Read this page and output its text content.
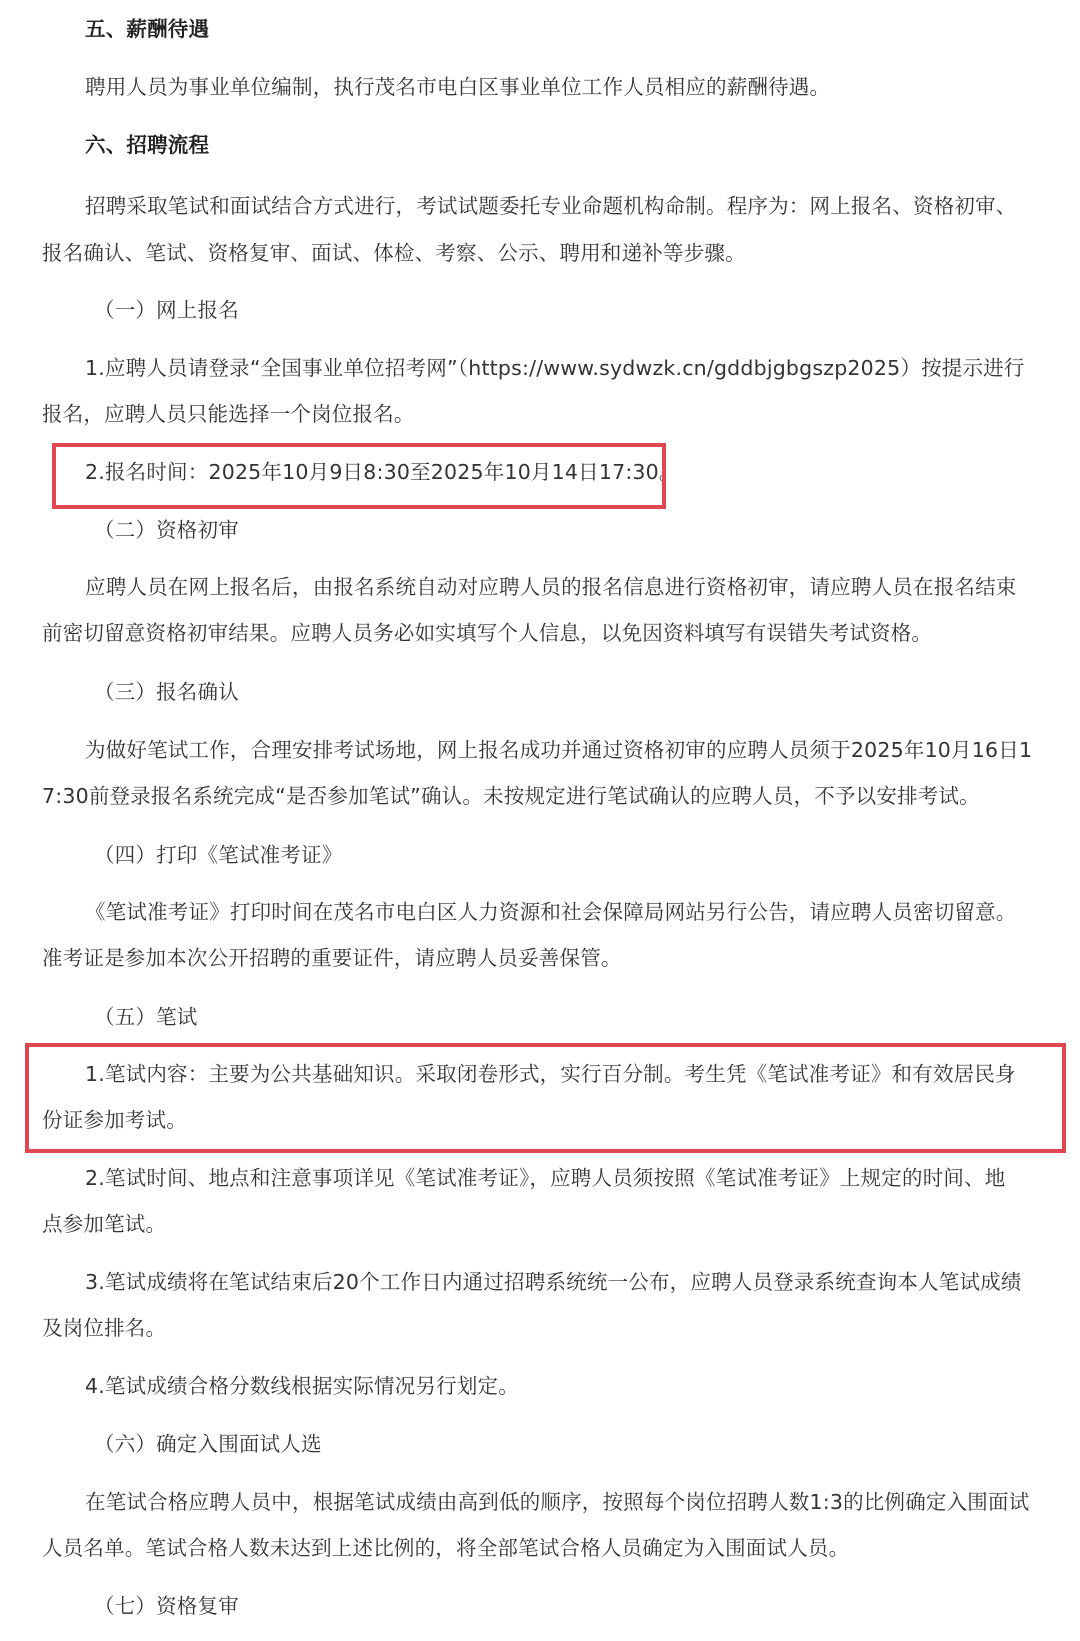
五、薪酬待遇
聘用人员为事业单位编制，执行茂名市电白区事业单位工作人员相应的薪酬待遇。
六、招聘流程
招聘采取笔试和面试结合方式进行，考试试题委托专业命题机构命制。程序为：网上报名、资格初审、
报名确认、笔试、资格复审、面试、体检、考察、公示、聘用和递补等步骤。
（一）网上报名
1.应聘人员请登录“全国事业单位招考网”（https://www.sydwzk.cn/gddbjgbgszp2025）按提示进行
报名，应聘人员只能选择一个岗位报名。
2.报名时间：2025年10月9日8:30至2025年10月14日17:30。
（二）资格初审
应聘人员在网上报名后，由报名系统自动对应聘人员的报名信息进行资格初审，请应聘人员在报名结束
前密切留意资格初审结果。应聘人员务必如实填写个人信息，以免因资料填写有误错失考试资格。
（三）报名确认
为做好笔试工作，合理安排考试场地，网上报名成功并通过资格初审的应聘人员须于2025年10月16日1
7:30前登录报名系统完成“是否参加笔试”确认。未按规定进行笔试确认的应聘人员，不予以安排考试。
（四）打印《笔试准考证》
《笔试准考证》打印时间在茂名市电白区人力资源和社会保障局网站另行公告，请应聘人员密切留意。
准考证是参加本次公开招聘的重要证件，请应聘人员妥善保管。
（五）笔试
1.笔试内容：主要为公共基础知识。采取闭卷形式，实行百分制。考生凭《笔试准考证》和有效居民身
份证参加考试。
2.笔试时间、地点和注意事项详见《笔试准考证》，应聘人员须按照《笔试准考证》上规定的时间、地
点参加笔试。
3.笔试成绩将在笔试结束后20个工作日内通过招聘系统统一公布，应聘人员登录系统查询本人笔试成绩
及岗位排名。
4.笔试成绩合格分数线根据实际情况另行划定。
（六）确定入围面试人选
在笔试合格应聘人员中，根据笔试成绩由高到低的顺序，按照每个岗位招聘人数1:3的比例确定入围面试
人员名单。笔试合格人数未达到上述比例的，将全部笔试合格人员确定为入围面试人员。
（七）资格复审
